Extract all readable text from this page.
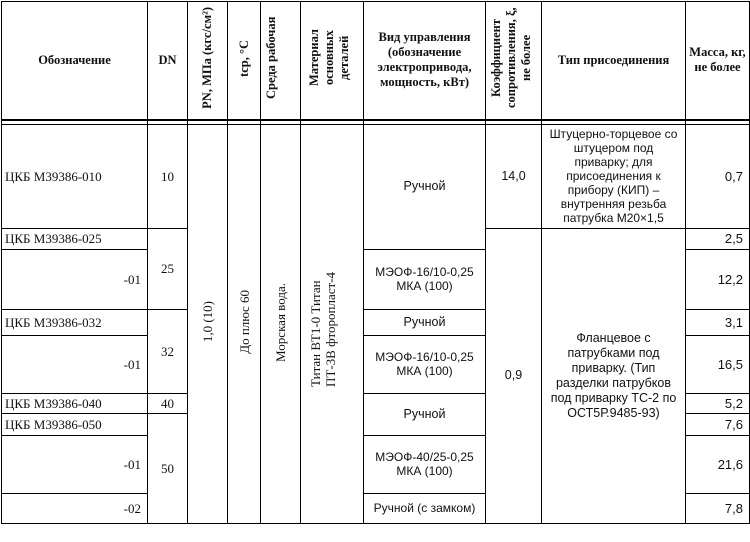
Обозначение	DN	PN, МПа (кгс/см²)	tср, °С	Среда рабочая	Материал основных деталей	Вид управления (обозначение электропривода, мощность, кВт)	Коэффициент сопротивления, ξ, не более	Тип присоединения	Масса, кг, не более

ЦКБ М39386-010	10	1,0 (10)	До плюс 60	Морская вода.	Титан ВТ1-0 Титан ПТ-3В фторопласт-4	Ручной	14,0	Штуцерно-торцевое со штуцером под приварку; для присоединения к прибору (КИП) – внутренняя резьба патрубка М20×1,5	0,7
ЦКБ М39386-025	25						0,9	Фланцевое с патрубками под приварку. (Тип разделки патрубков под приварку ТС-2 по ОСТ5Р.9485-93)	2,5
-01						МЭОФ-16/10-0,25 МКА (100)			12,2
ЦКБ М39386-032	32					Ручной			3,1
-01						МЭОФ-16/10-0,25 МКА (100)			16,5
ЦКБ М39386-040	40					Ручной			5,2
ЦКБ М39386-050	50								7,6
-01						МЭОФ-40/25-0,25 МКА (100)			21,6
-02						Ручной (с замком)			7,8
